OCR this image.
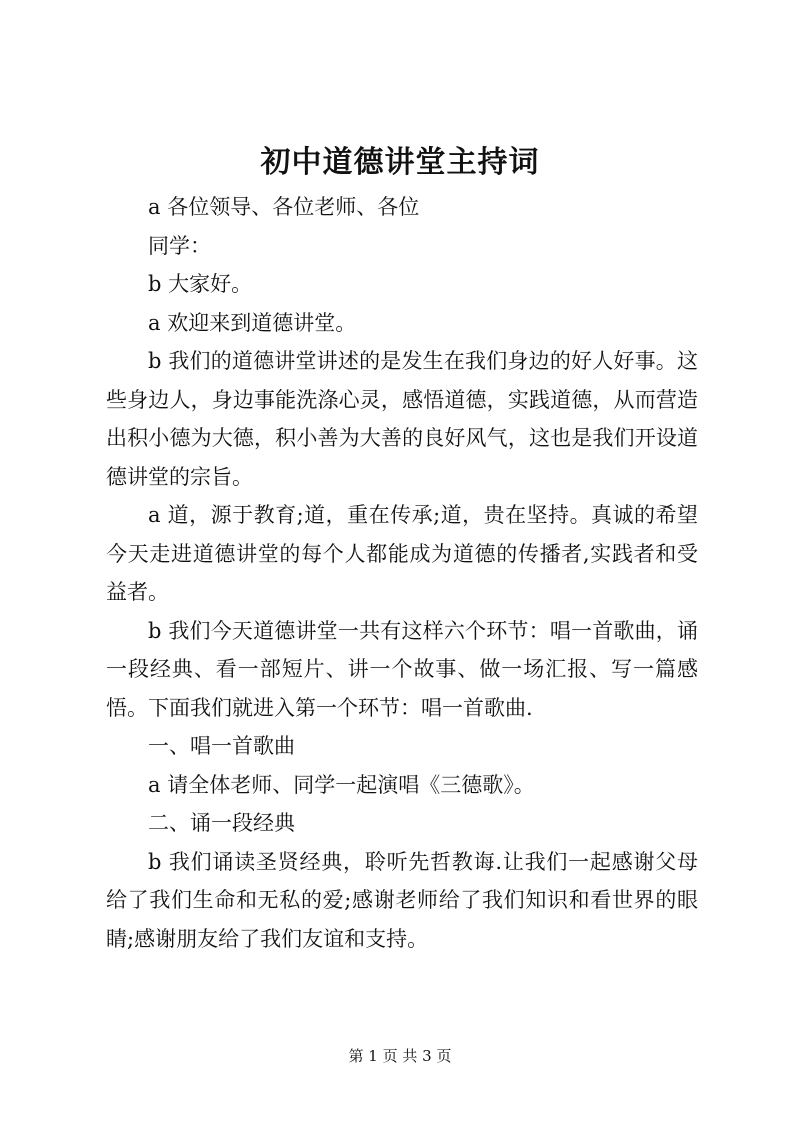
初中道德讲堂主持词

a 各位领导、各位老师、各位

同学：

b 大家好。

a 欢迎来到道德讲堂。

b 我们的道德讲堂讲述的是发生在我们身边的好人好事。这些身边人，身边事能洗涤心灵，感悟道德，实践道德，从而营造出积小德为大德，积小善为大善的良好风气，这也是我们开设道德讲堂的宗旨。

a 道，源于教育;道，重在传承;道，贵在坚持。真诚的希望今天走进道德讲堂的每个人都能成为道德的传播者,实践者和受益者。

b 我们今天道德讲堂一共有这样六个环节：唱一首歌曲，诵一段经典、看一部短片、讲一个故事、做一场汇报、写一篇感悟。下面我们就进入第一个环节：唱一首歌曲.

一、唱一首歌曲

a 请全体老师、同学一起演唱《三德歌》。

二、诵一段经典

b 我们诵读圣贤经典，聆听先哲教诲.让我们一起感谢父母给了我们生命和无私的爱;感谢老师给了我们知识和看世界的眼睛;感谢朋友给了我们友谊和支持。

第 1 页 共 3 页
